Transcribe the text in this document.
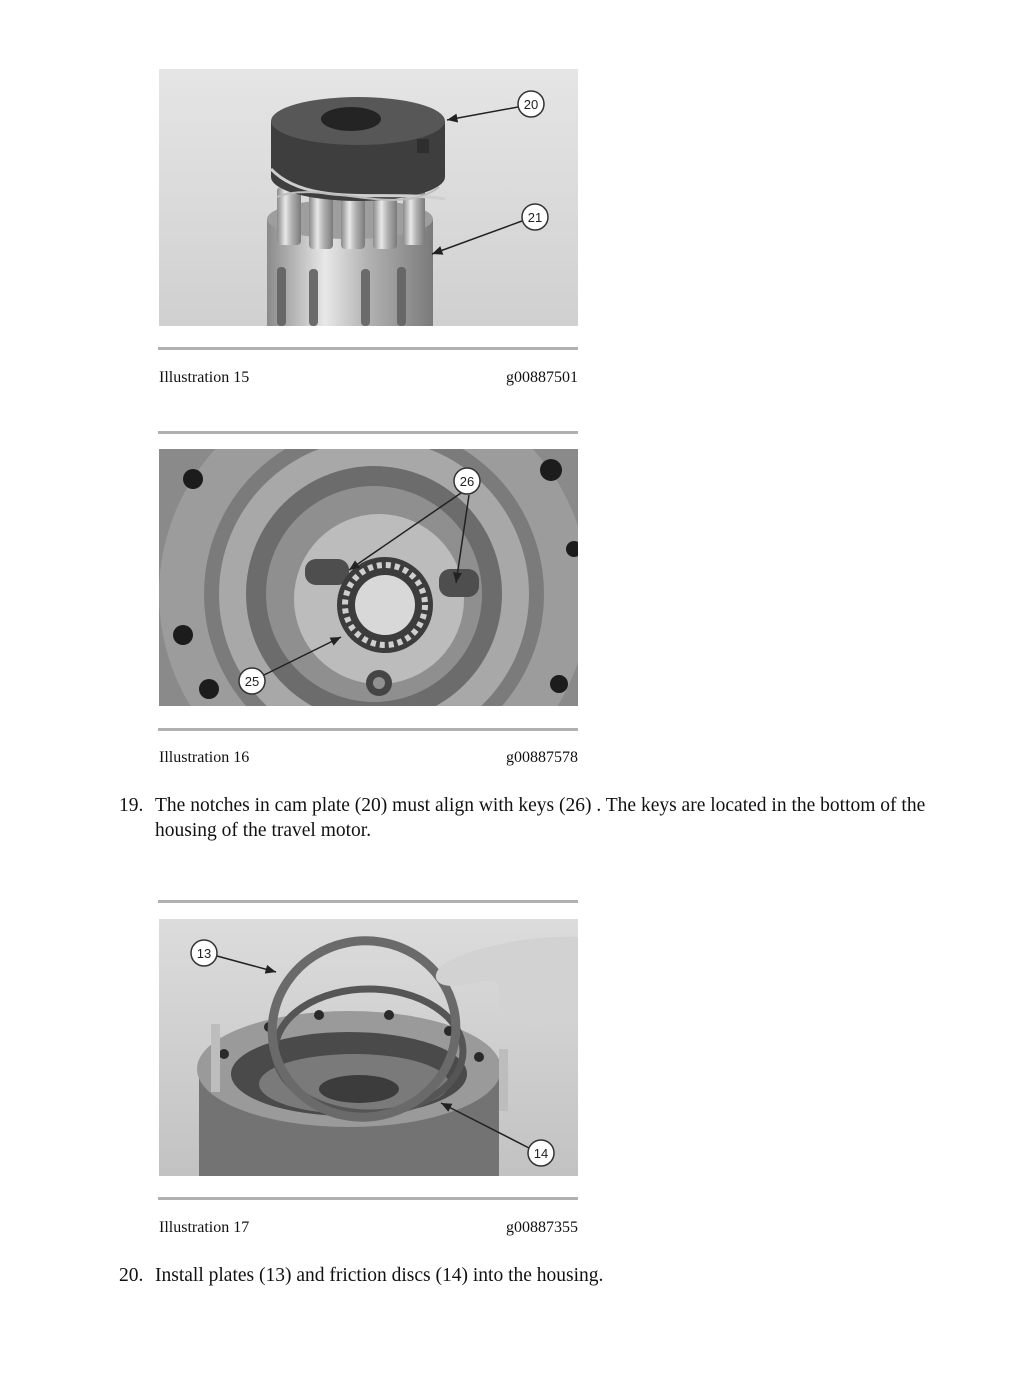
20
21
Illustration 15	g00887501
26
25
Illustration 16	g00887578
19. The notches in cam plate (20) must align with keys (26) . The keys are located in the bottom of the housing of the travel motor.
13
14
Illustration 17	g00887355
20. Install plates (13) and friction discs (14) into the housing.
